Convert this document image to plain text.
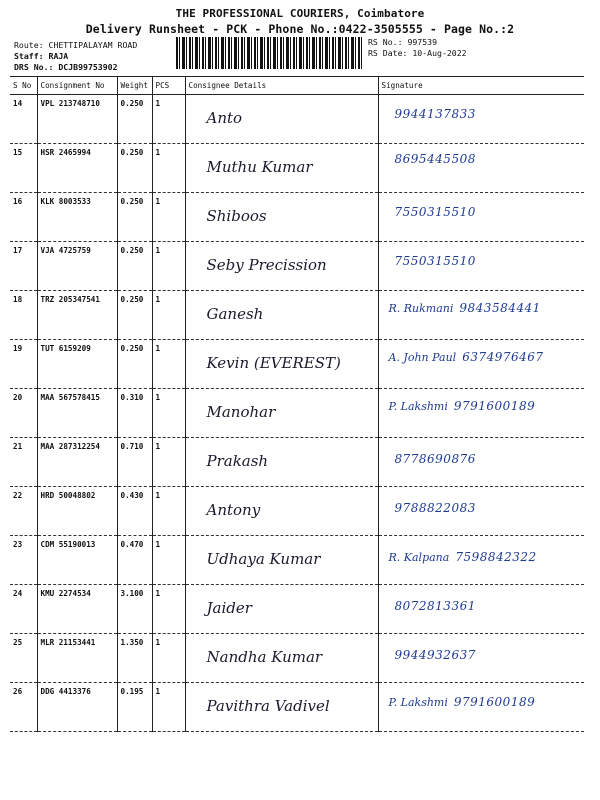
THE PROFESSIONAL COURIERS, Coimbatore
Delivery Runsheet - PCK - Phone No.:0422-3505555 - Page No.:2
Route: CHETTIPALAYAM ROAD
Staff: RAJA
DRS No.: DCJB99753902
RS No.: 997539
RS Date: 10-Aug-2022
S No	Consignment No	Weight	PCS	Consignee Details	Signature
14	VPL 213748710	0.250	1	Anto	9944137833

15	HSR 2465994	0.250	1	Muthu Kumar	8695445508

16	KLK 8003533	0.250	1	Shiboos	7550315510

17	VJA 4725759	0.250	1	Seby Precission	7550315510

18	TRZ 205347541	0.250	1	Ganesh	R. Rukmani 9843584441

19	TUT 6159209	0.250	1	Kevin (EVEREST)	A. John Paul 6374976467

20	MAA 567578415	0.310	1	Manohar	P. Lakshmi 9791600189

21	MAA 287312254	0.710	1	Prakash	8778690876

22	HRD 50048802	0.430	1	Antony	9788822083

23	CDM 55190013	0.470	1	Udhaya Kumar	R. Kalpana 7598842322

24	KMU 2274534	3.100	1	Jaider	8072813361

25	MLR 21153441	1.350	1	Nandha Kumar	9944932637

26	DDG 4413376	0.195	1	Pavithra Vadivel	P. Lakshmi 9791600189
